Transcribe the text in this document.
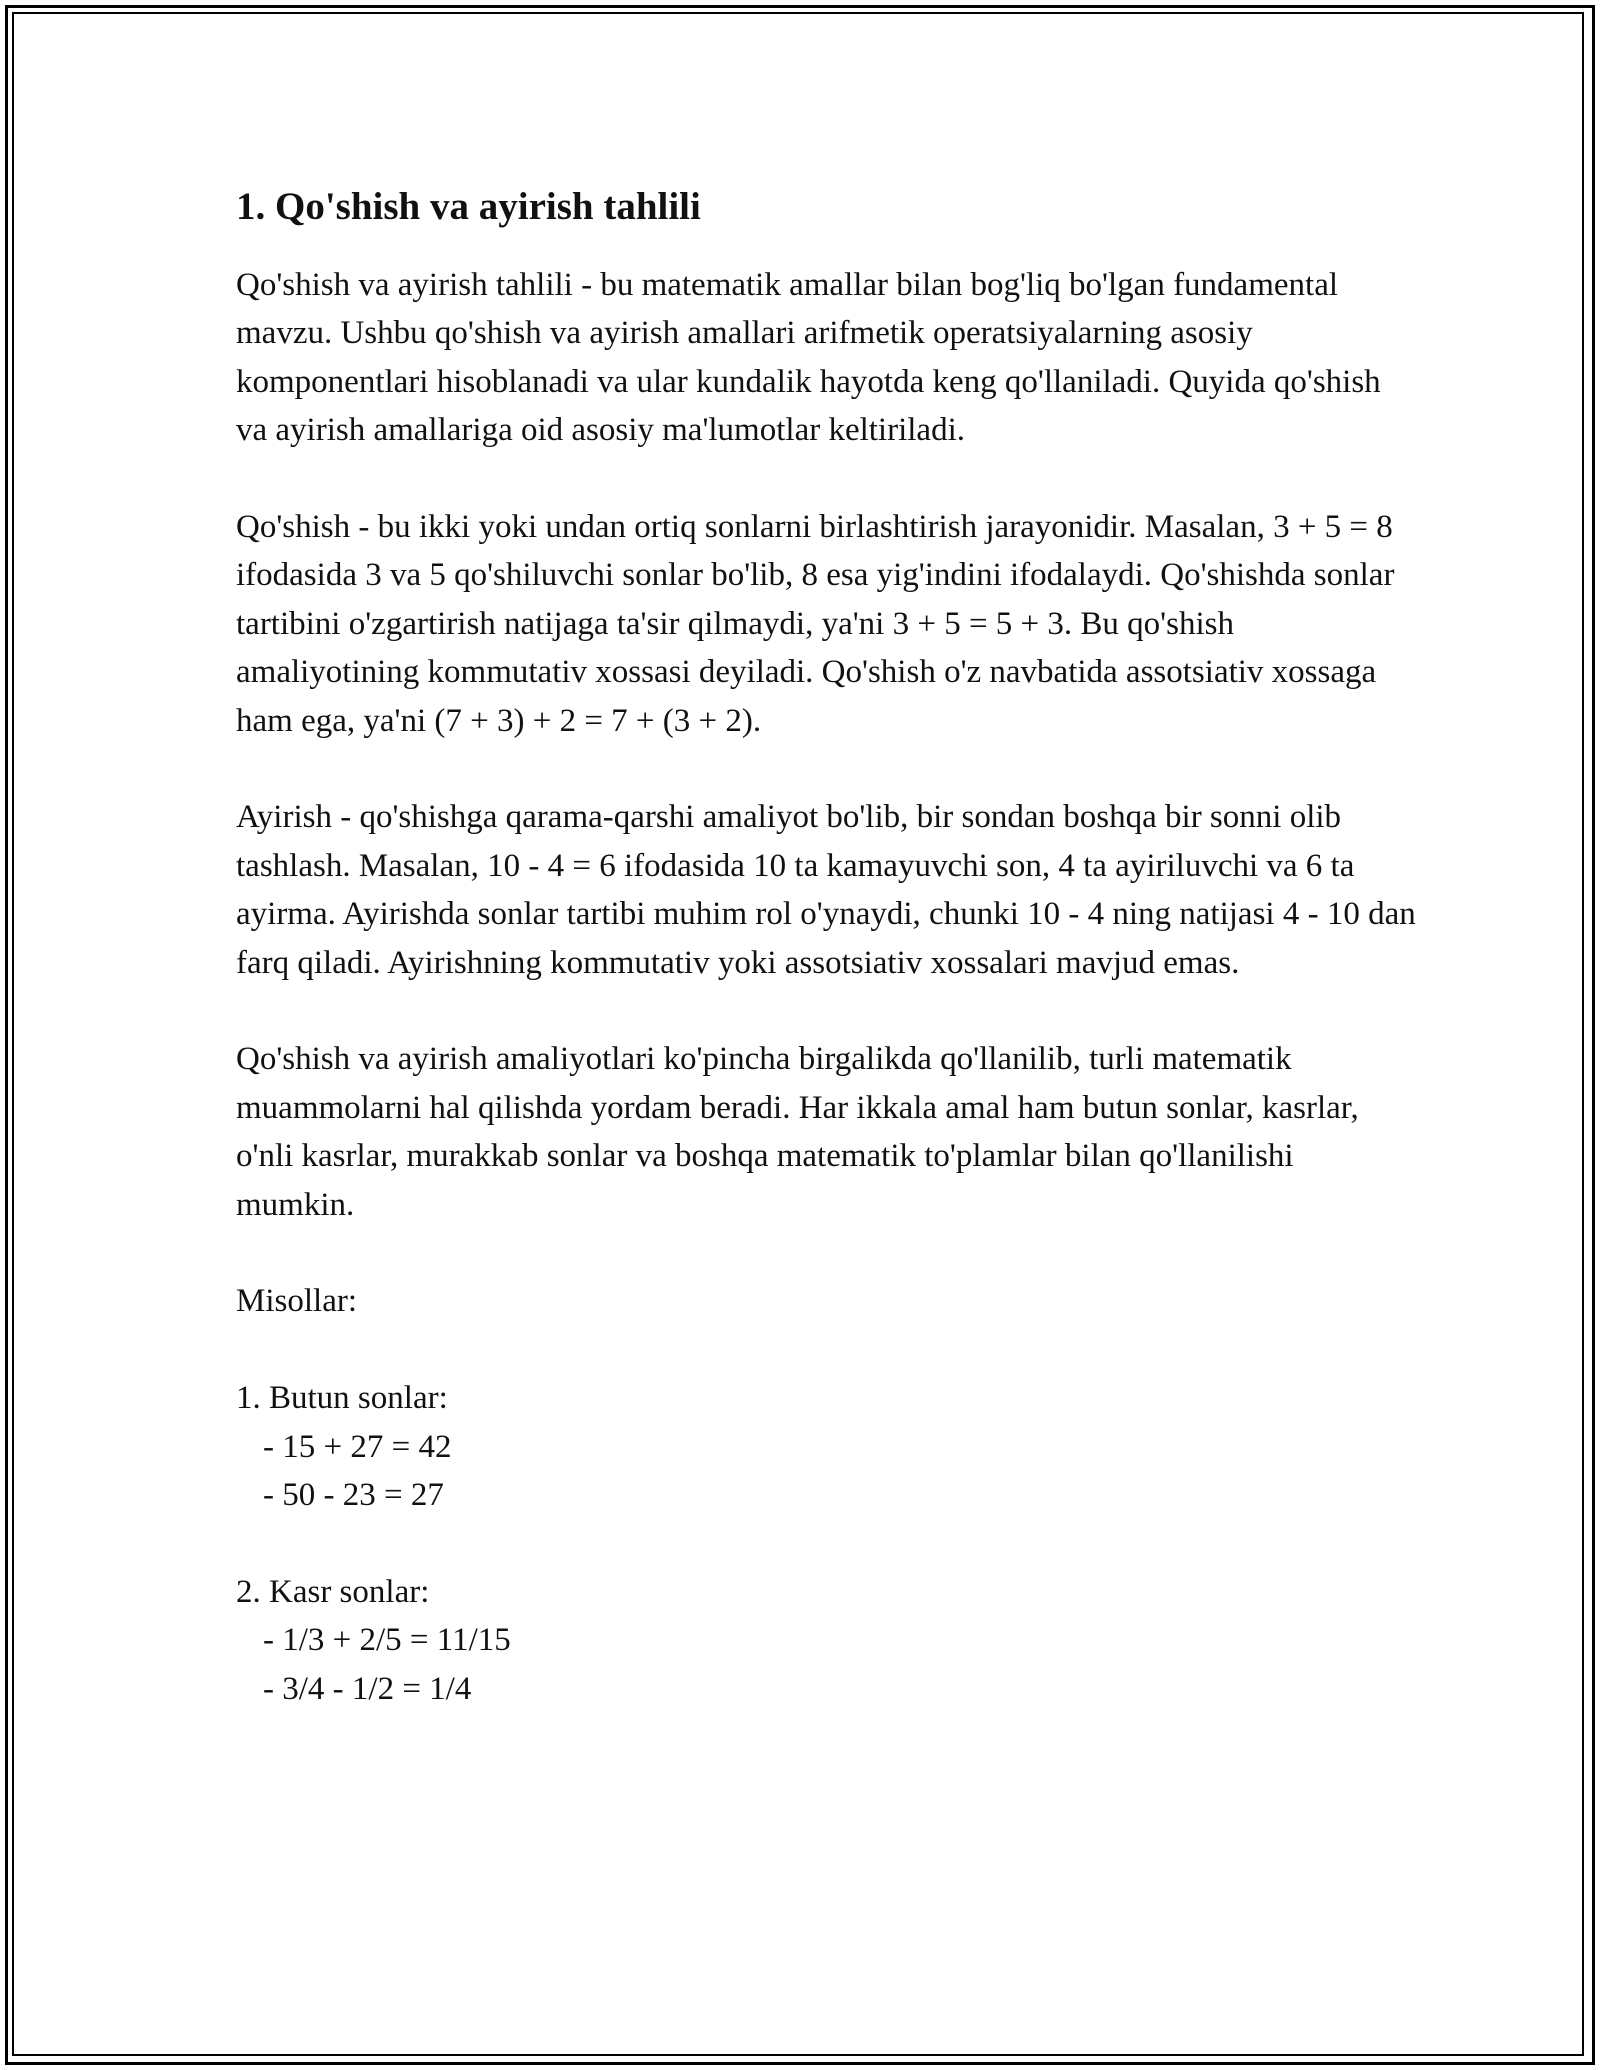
1. Qo'shish va ayirish tahlili

Qo'shish va ayirish tahlili - bu matematik amallar bilan bog'liq bo'lgan fundamental mavzu. Ushbu qo'shish va ayirish amallari arifmetik operatsiyalarning asosiy komponentlari hisoblanadi va ular kundalik hayotda keng qo'llaniladi. Quyida qo'shish va ayirish amallariga oid asosiy ma'lumotlar keltiriladi.

Qo'shish - bu ikki yoki undan ortiq sonlarni birlashtirish jarayonidir. Masalan, 3 + 5 = 8 ifodasida 3 va 5 qo'shiluvchi sonlar bo'lib, 8 esa yig'indini ifodalaydi. Qo'shishda sonlar tartibini o'zgartirish natijaga ta'sir qilmaydi, ya'ni 3 + 5 = 5 + 3. Bu qo'shish amaliyotining kommutativ xossasi deyiladi. Qo'shish o'z navbatida assotsiativ xossaga ham ega, ya'ni (7 + 3) + 2 = 7 + (3 + 2).

Ayirish - qo'shishga qarama-qarshi amaliyot bo'lib, bir sondan boshqa bir sonni olib tashlash. Masalan, 10 - 4 = 6 ifodasida 10 ta kamayuvchi son, 4 ta ayiriluvchi va 6 ta ayirma. Ayirishda sonlar tartibi muhim rol o'ynaydi, chunki 10 - 4 ning natijasi 4 - 10 dan farq qiladi. Ayirishning kommutativ yoki assotsiativ xossalari mavjud emas.

Qo'shish va ayirish amaliyotlari ko'pincha birgalikda qo'llanilib, turli matematik muammolarni hal qilishda yordam beradi. Har ikkala amal ham butun sonlar, kasrlar, o'nli kasrlar, murakkab sonlar va boshqa matematik to'plamlar bilan qo'llanilishi mumkin.

Misollar:

1. Butun sonlar:
- 15 + 27 = 42
- 50 - 23 = 27
2. Kasr sonlar:
- 1/3 + 2/5 = 11/15
- 3/4 - 1/2 = 1/4
